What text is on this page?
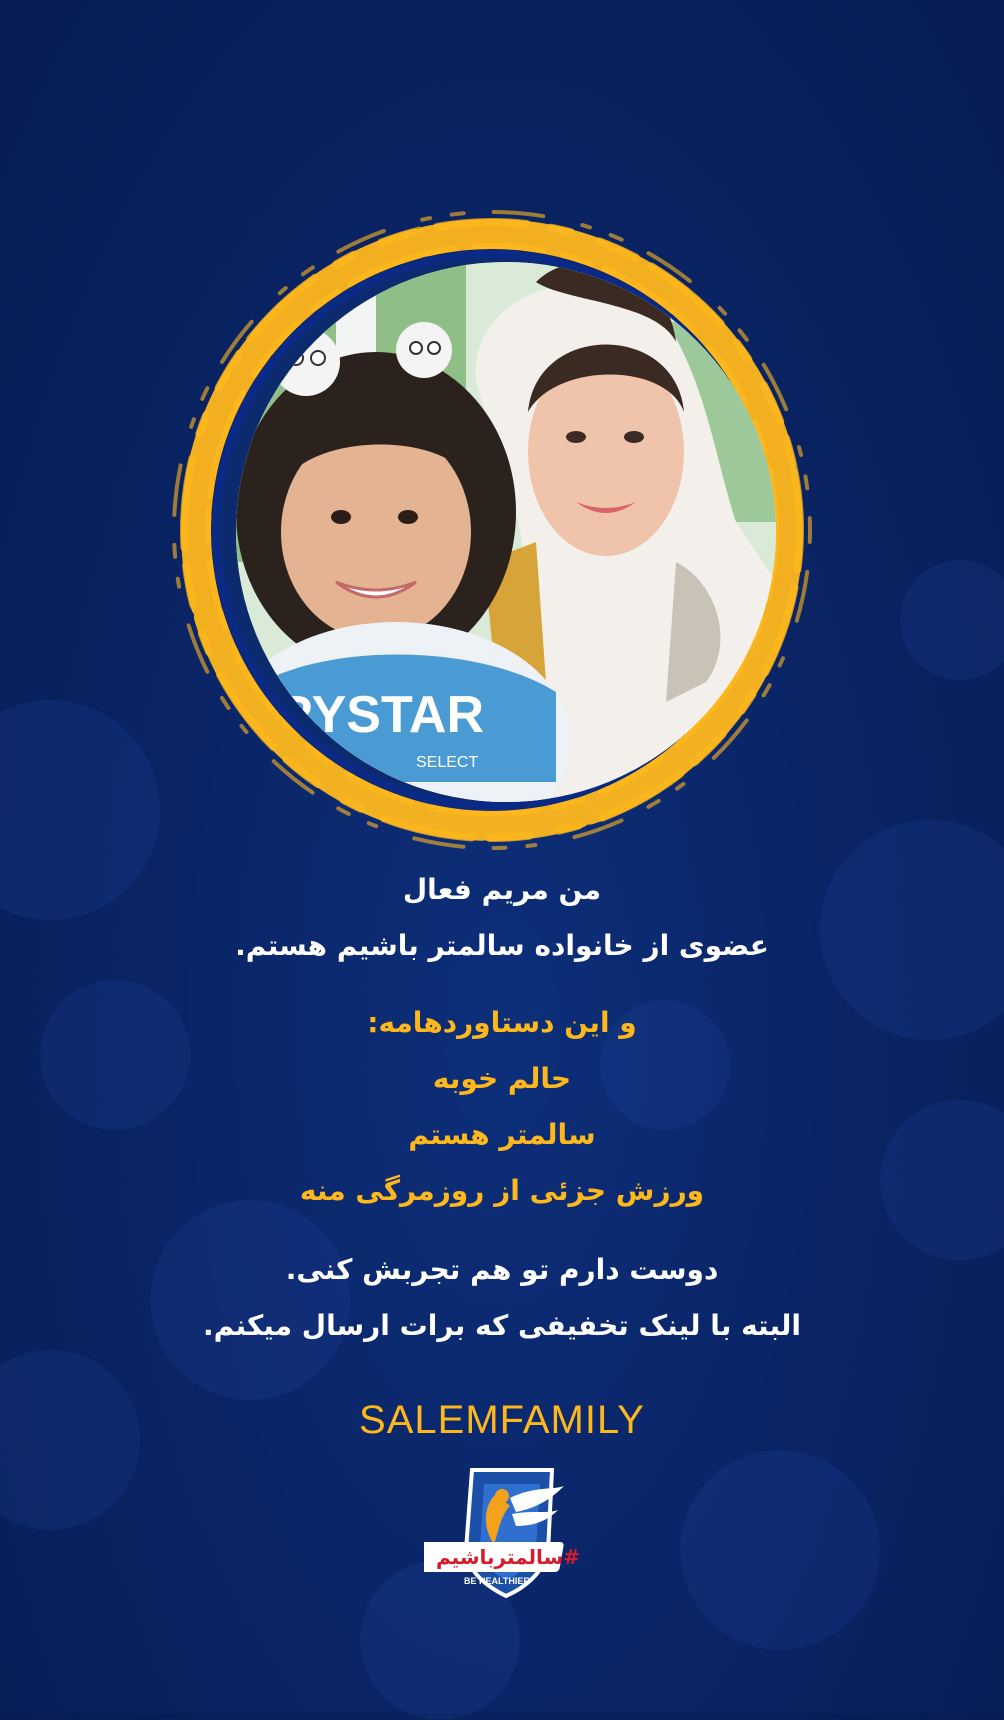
RYSTAR
SELECT
من مریم فعال
عضوی از خانواده سالمتر باشیم هستم.
و این دستاوردهامه:
حالم خوبه
سالمتر هستم
ورزش جزئی از روزمرگی منه
دوست دارم تو هم تجربش کنی.
البته با لینک تخفیفی که برات ارسال میکنم.
SALEMFAMILY
#سالمترباشیم
BE HEALTHIER
